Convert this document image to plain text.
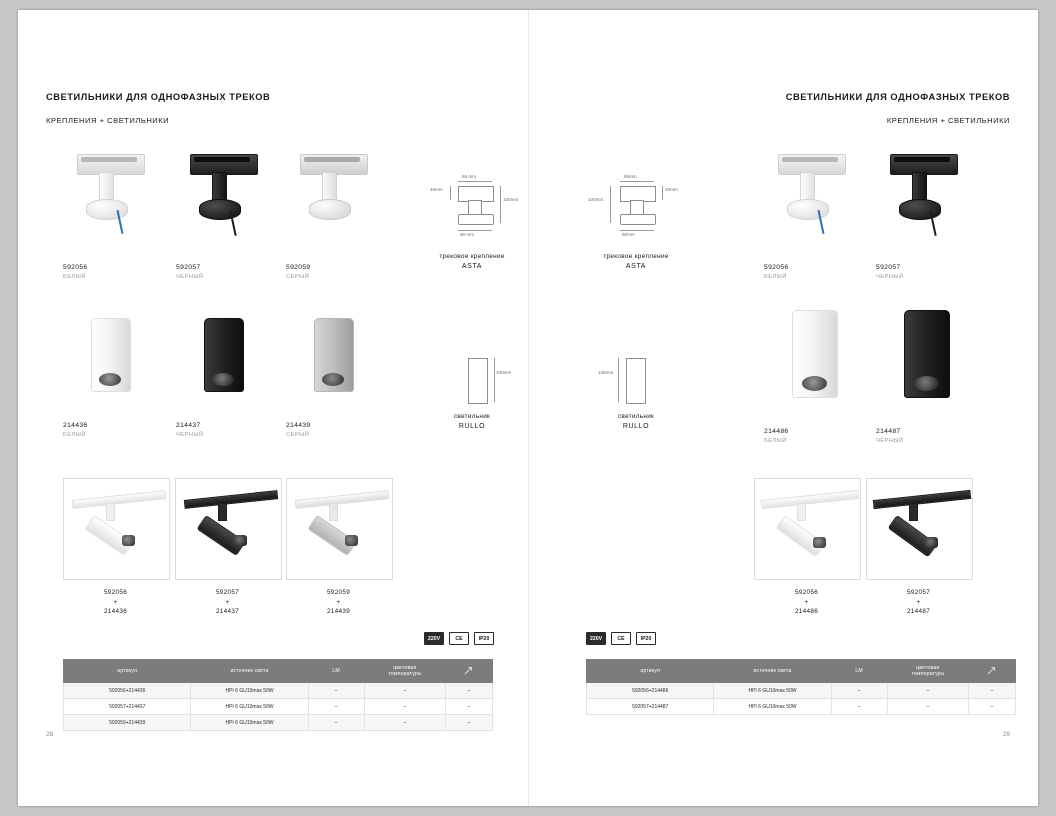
СВЕТИЛЬНИКИ ДЛЯ ОДНОФАЗНЫХ ТРЕКОВ
КРЕПЛЕНИЯ + СВЕТИЛЬНИКИ
592056
БЕЛЫЙ
592057
ЧЕРНЫЙ
592059
СЕРЫЙ
65 mm
40mm
100mm
90 mm
трековое крепление
ASTA
214436
БЕЛЫЙ
214437
ЧЕРНЫЙ
214439
СЕРЫЙ
100mm
светильник
RULLO
592056
+
214436
592057
+
214437
592059
+
214439
220V	CE	IP20
артикул	источник света	LM	цветовая
температура	
592056+214436	HPI 6 GU10max 50W	–	–	–
592057+214437	HPI 6 GU10max 50W	–	–	–
592059+214439	HPI 6 GU10max 50W	–	–	–
28
СВЕТИЛЬНИКИ ДЛЯ ОДНОФАЗНЫХ ТРЕКОВ
КРЕПЛЕНИЯ + СВЕТИЛЬНИКИ
65mm
100mm
40mm
90mm
трековое крепление
ASTA	592056
БЕЛЫЙ
592057
ЧЕРНЫЙ
145mm
светильник
RULLO
214486
БЕЛЫЙ
214487
ЧЕРНЫЙ
592056
+
214486
592057
+
214487
220V	CE	IP20
артикул	источник света	LM	цветовая
температура	
592056+214486	HPI 6 GU10max 50W	–	–	–
592057+214487	HPI 6 GU10max 50W	–	–	–
29
